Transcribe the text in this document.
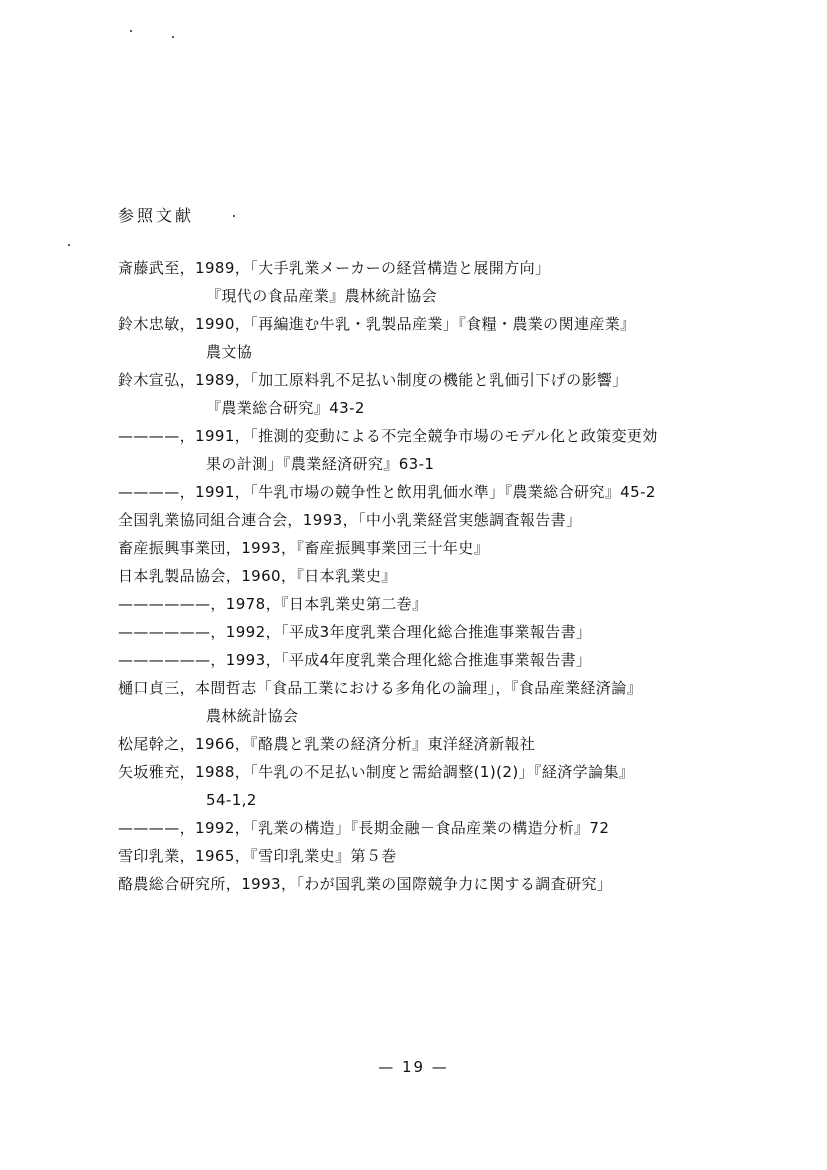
参照文献
斎藤武至，1989，「大手乳業メーカーの経営構造と展開方向」
『現代の食品産業』農林統計協会
鈴木忠敏，1990，「再編進む牛乳・乳製品産業」『食糧・農業の関連産業』
農文協
鈴木宣弘，1989，「加工原料乳不足払い制度の機能と乳価引下げの影響」
『農業総合研究』43-2
————，1991，「推測的変動による不完全競争市場のモデル化と政策変更効
果の計測」『農業経済研究』63-1
————，1991，「牛乳市場の競争性と飲用乳価水準」『農業総合研究』45-2
全国乳業協同組合連合会，1993，「中小乳業経営実態調査報告書」
畜産振興事業団，1993，『畜産振興事業団三十年史』
日本乳製品協会，1960，『日本乳業史』
——————，1978，『日本乳業史第二巻』
——————，1992，「平成3年度乳業合理化総合推進事業報告書」
——————，1993，「平成4年度乳業合理化総合推進事業報告書」
樋口貞三，本間哲志「食品工業における多角化の論理」，『食品産業経済論』
農林統計協会
松尾幹之，1966，『酪農と乳業の経済分析』東洋経済新報社
矢坂雅充，1988，「牛乳の不足払い制度と需給調整(1)(2)」『経済学論集』
54-1,2
————，1992，「乳業の構造」『長期金融－食品産業の構造分析』72
雪印乳業，1965，『雪印乳業史』第５巻
酪農総合研究所，1993，「わが国乳業の国際競争力に関する調査研究」
— 19 —
